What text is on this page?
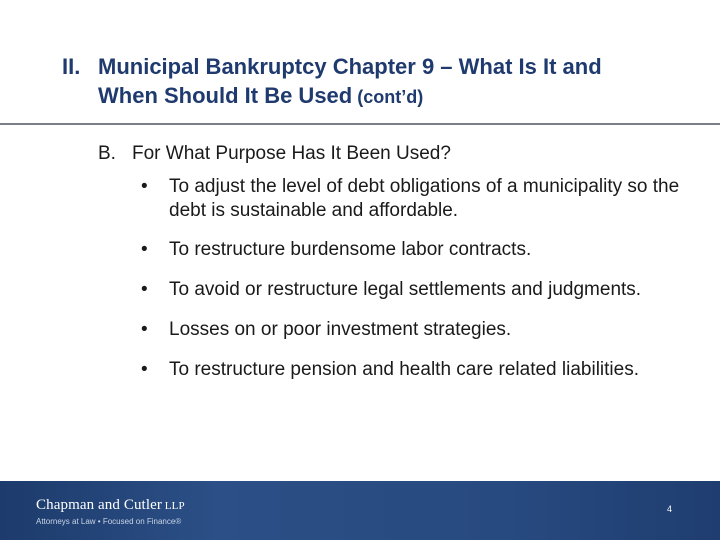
II. Municipal Bankruptcy Chapter 9 – What Is It and
When Should It Be Used (cont’d)
B. For What Purpose Has It Been Used?
•	To adjust the level of debt obligations of a municipality so the debt is sustainable and affordable.
•	To restructure burdensome labor contracts.
•	To avoid or restructure legal settlements and judgments.
•	Losses on or poor investment strategies.
•	To restructure pension and health care related liabilities.
Chapman and Cutler LLP
Attorneys at Law • Focused on Finance®
4
